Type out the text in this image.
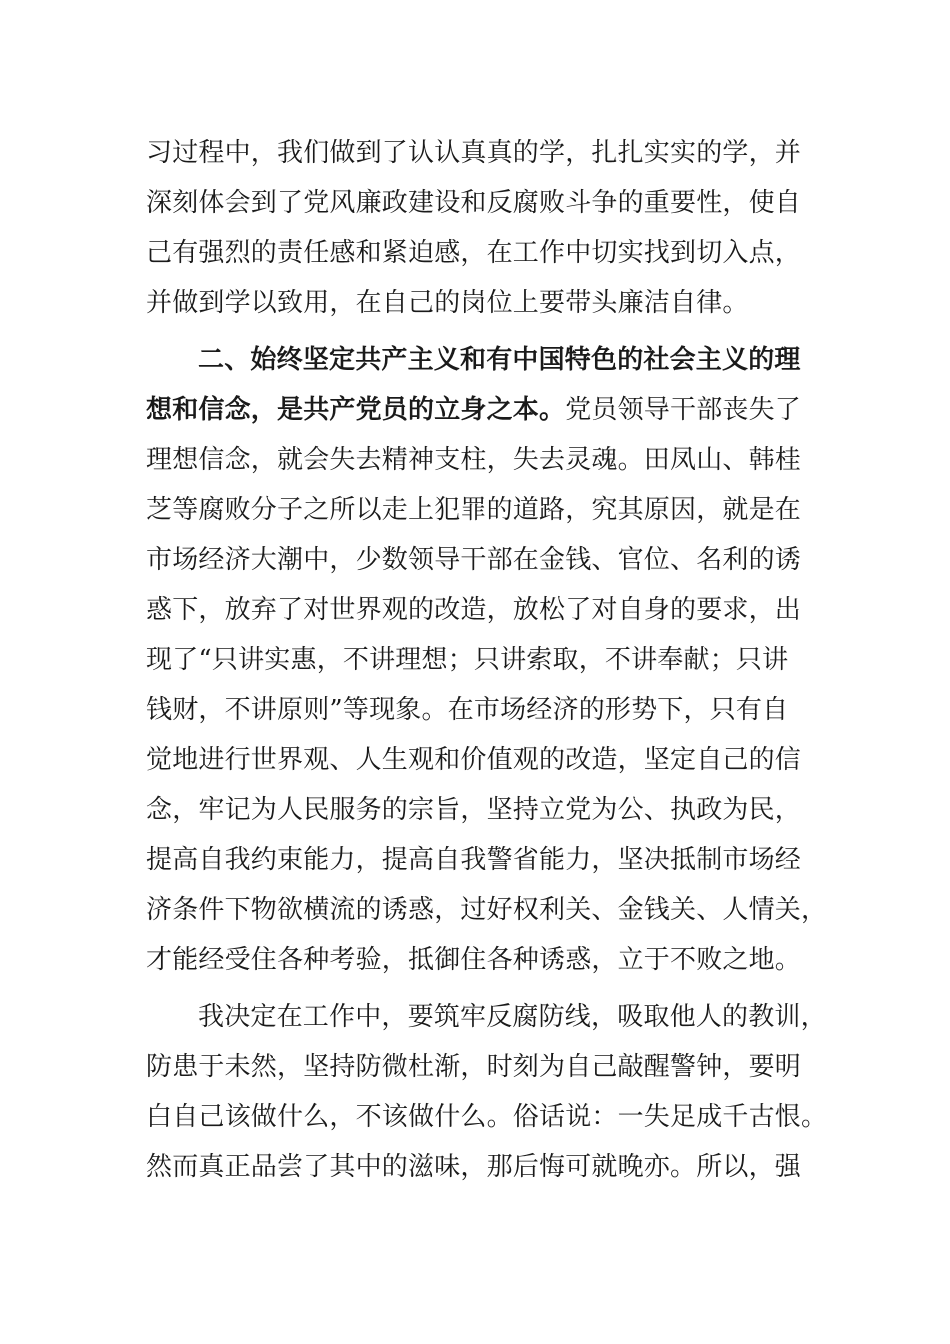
习过程中，我们做到了认认真真的学，扎扎实实的学，并
深刻体会到了党风廉政建设和反腐败斗争的重要性，使自
己有强烈的责任感和紧迫感，在工作中切实找到切入点，
并做到学以致用，在自己的岗位上要带头廉洁自律。
二、始终坚定共产主义和有中国特色的社会主义的理
想和信念，是共产党员的立身之本。党员领导干部丧失了
理想信念，就会失去精神支柱，失去灵魂。田凤山、韩桂
芝等腐败分子之所以走上犯罪的道路，究其原因，就是在
市场经济大潮中，少数领导干部在金钱、官位、名利的诱
惑下，放弃了对世界观的改造，放松了对自身的要求，出
现了“只讲实惠，不讲理想；只讲索取，不讲奉献；只讲
钱财，不讲原则”等现象。在市场经济的形势下，只有自
觉地进行世界观、人生观和价值观的改造，坚定自己的信
念，牢记为人民服务的宗旨，坚持立党为公、执政为民，
提高自我约束能力，提高自我警省能力，坚决抵制市场经
济条件下物欲横流的诱惑，过好权利关、金钱关、人情关，
才能经受住各种考验，抵御住各种诱惑，立于不败之地。
我决定在工作中，要筑牢反腐防线，吸取他人的教训，
防患于未然，坚持防微杜渐，时刻为自己敲醒警钟，要明
白自己该做什么，不该做什么。俗话说：一失足成千古恨。
然而真正品尝了其中的滋味，那后悔可就晚亦。所以，强
